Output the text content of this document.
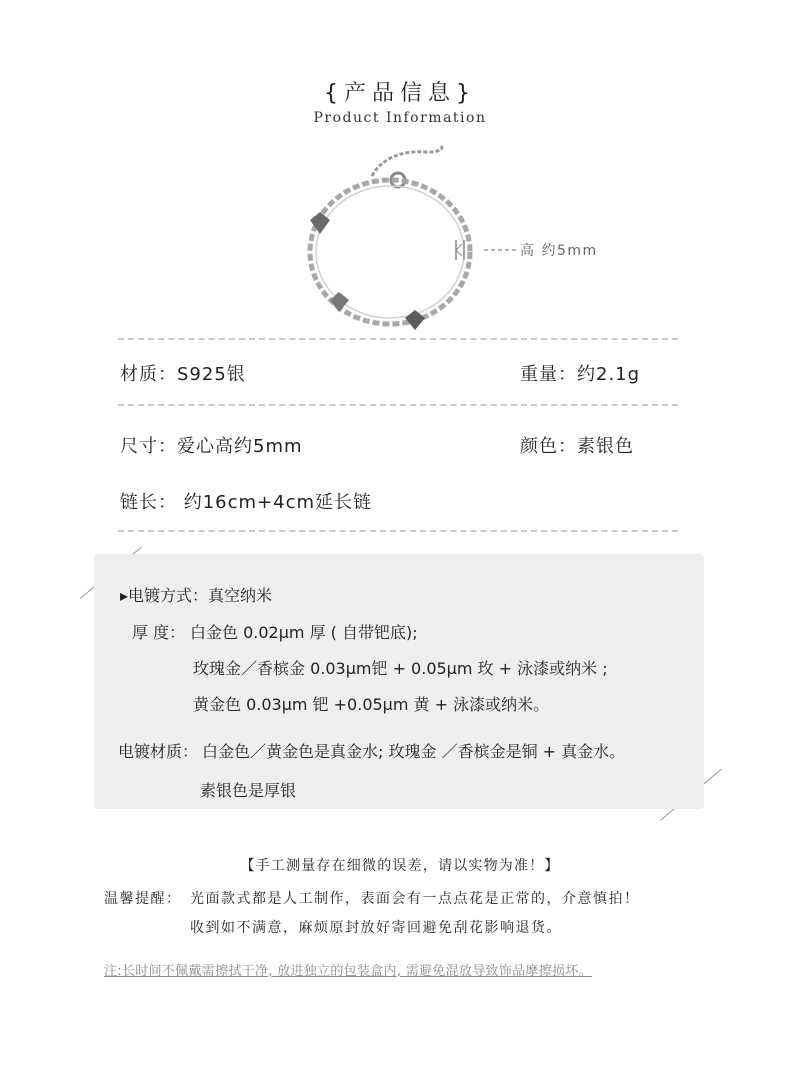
{产品信息}
Product Information
高 约5mm
材质：S925银	重量：约2.1g
尺寸：爱心高约5mm	颜色：素银色
链长： 约16cm+4cm延长链
▸电镀方式：真空纳米
厚 度： 白金色 0.02μm 厚 ( 自带钯底);
玫瑰金／香槟金 0.03μm钯 + 0.05μm 玫 + 泳漆或纳米 ;
黄金色 0.03μm 钯 +0.05μm 黄 + 泳漆或纳米。
电镀材质： 白金色／黄金色是真金水; 玫瑰金 ／香槟金是铜 + 真金水。
素银色是厚银
【手工测量存在细微的误差，请以实物为准！】
温馨提醒： 光面款式都是人工制作，表面会有一点点花是正常的，介意慎拍！
收到如不满意，麻烦原封放好寄回避免刮花影响退货。
注:长时间不佩戴需擦拭干净, 放进独立的包装盒内, 需避免混放导致饰品摩擦损坏。
